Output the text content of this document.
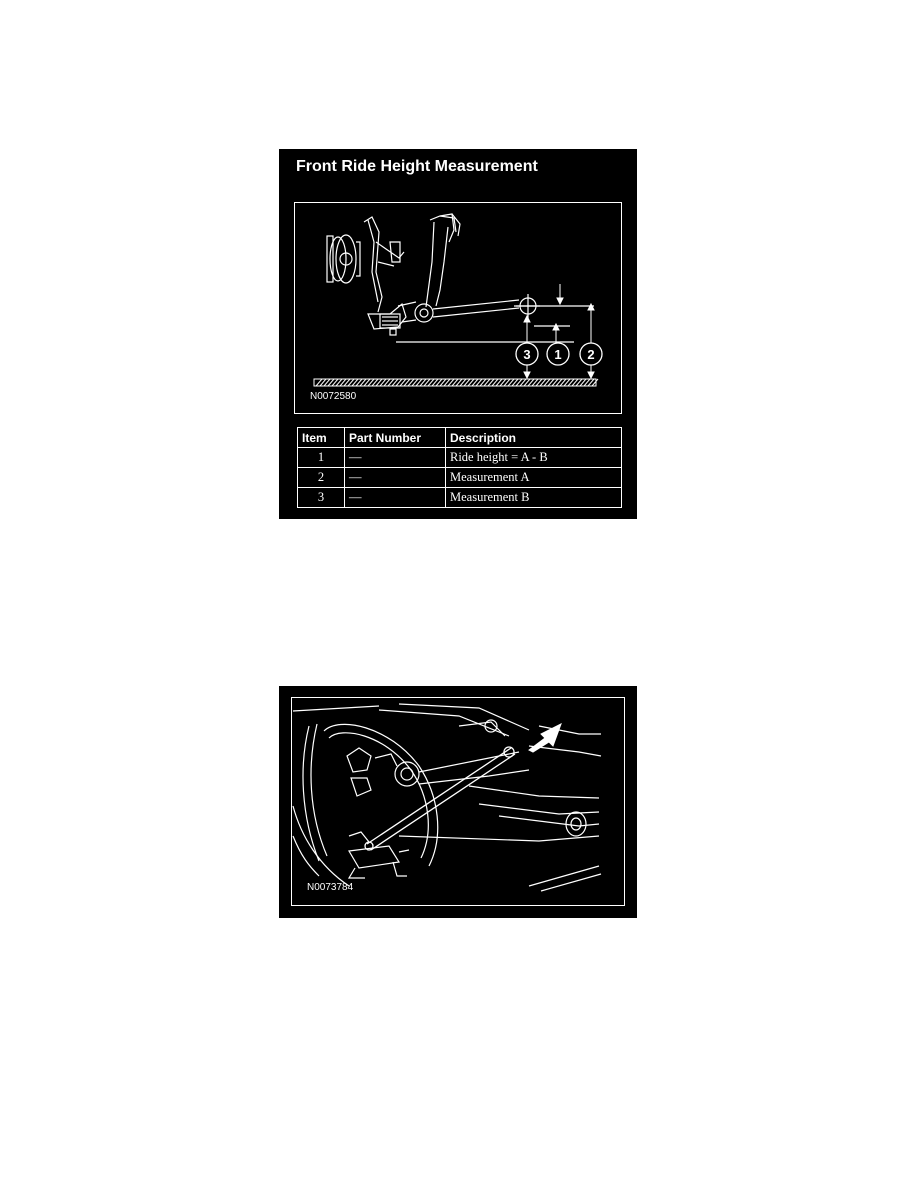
Front Ride Height Measurement
3 1 2
N0072580
Item	Part Number	Description
1	—	Ride height = A - B
2	—	Measurement A
3	—	Measurement B
N0073784
